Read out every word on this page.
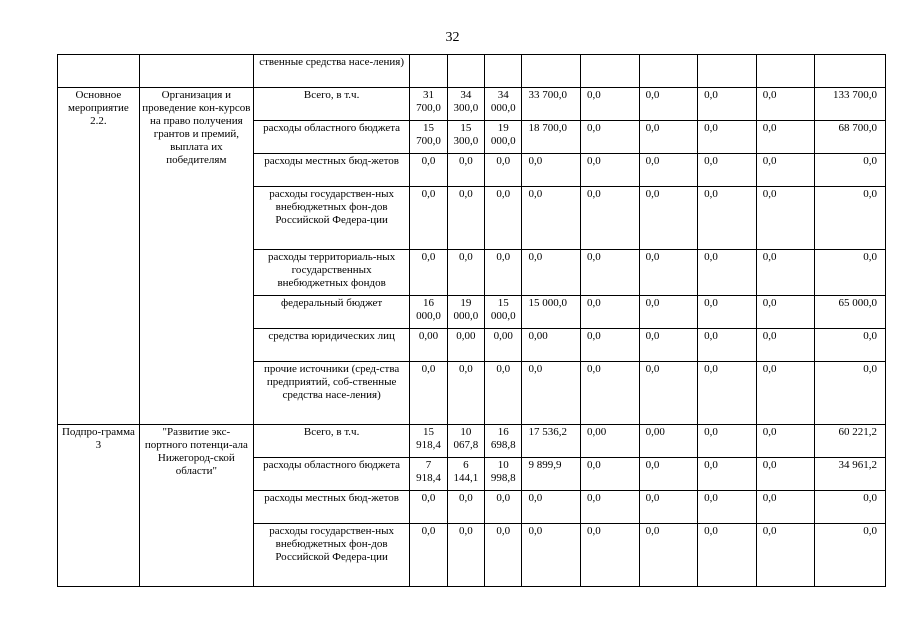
32
		ственные средства насе-ления)									
Основное мероприятие 2.2.	Организация и проведение кон-курсов на право получения грантов и премий, выплата их победителям	Всего, в т.ч.	31 700,0	34 300,0	34 000,0	33 700,0	0,0	0,0	0,0	0,0	133 700,0
		расходы областного бюджета	15 700,0	15 300,0	19 000,0	18 700,0	0,0	0,0	0,0	0,0	68 700,0
		расходы местных бюд-жетов	0,0	0,0	0,0	0,0	0,0	0,0	0,0	0,0	0,0
		расходы государствен-ных внебюджетных фон-дов Российской Федера-ции	0,0	0,0	0,0	0,0	0,0	0,0	0,0	0,0	0,0
		расходы территориаль-ных государственных внебюджетных фондов	0,0	0,0	0,0	0,0	0,0	0,0	0,0	0,0	0,0
		федеральный бюджет	16 000,0	19 000,0	15 000,0	15 000,0	0,0	0,0	0,0	0,0	65 000,0
		средства юридических лиц	0,00	0,00	0,00	0,00	0,0	0,0	0,0	0,0	0,0
		прочие источники (сред-ства предприятий, соб-ственные средства насе-ления)	0,0	0,0	0,0	0,0	0,0	0,0	0,0	0,0	0,0
Подпро-грамма 3	"Развитие экс-портного потенци-ала Нижегород-ской области"	Всего, в т.ч.	15 918,4	10 067,8	16 698,8	17 536,2	0,00	0,00	0,0	0,0	60 221,2
		расходы областного бюджета	7 918,4	6 144,1	10 998,8	9 899,9	0,0	0,0	0,0	0,0	34 961,2
		расходы местных бюд-жетов	0,0	0,0	0,0	0,0	0,0	0,0	0,0	0,0	0,0
		расходы государствен-ных внебюджетных фон-дов Российской Федера-ции	0,0	0,0	0,0	0,0	0,0	0,0	0,0	0,0	0,0
